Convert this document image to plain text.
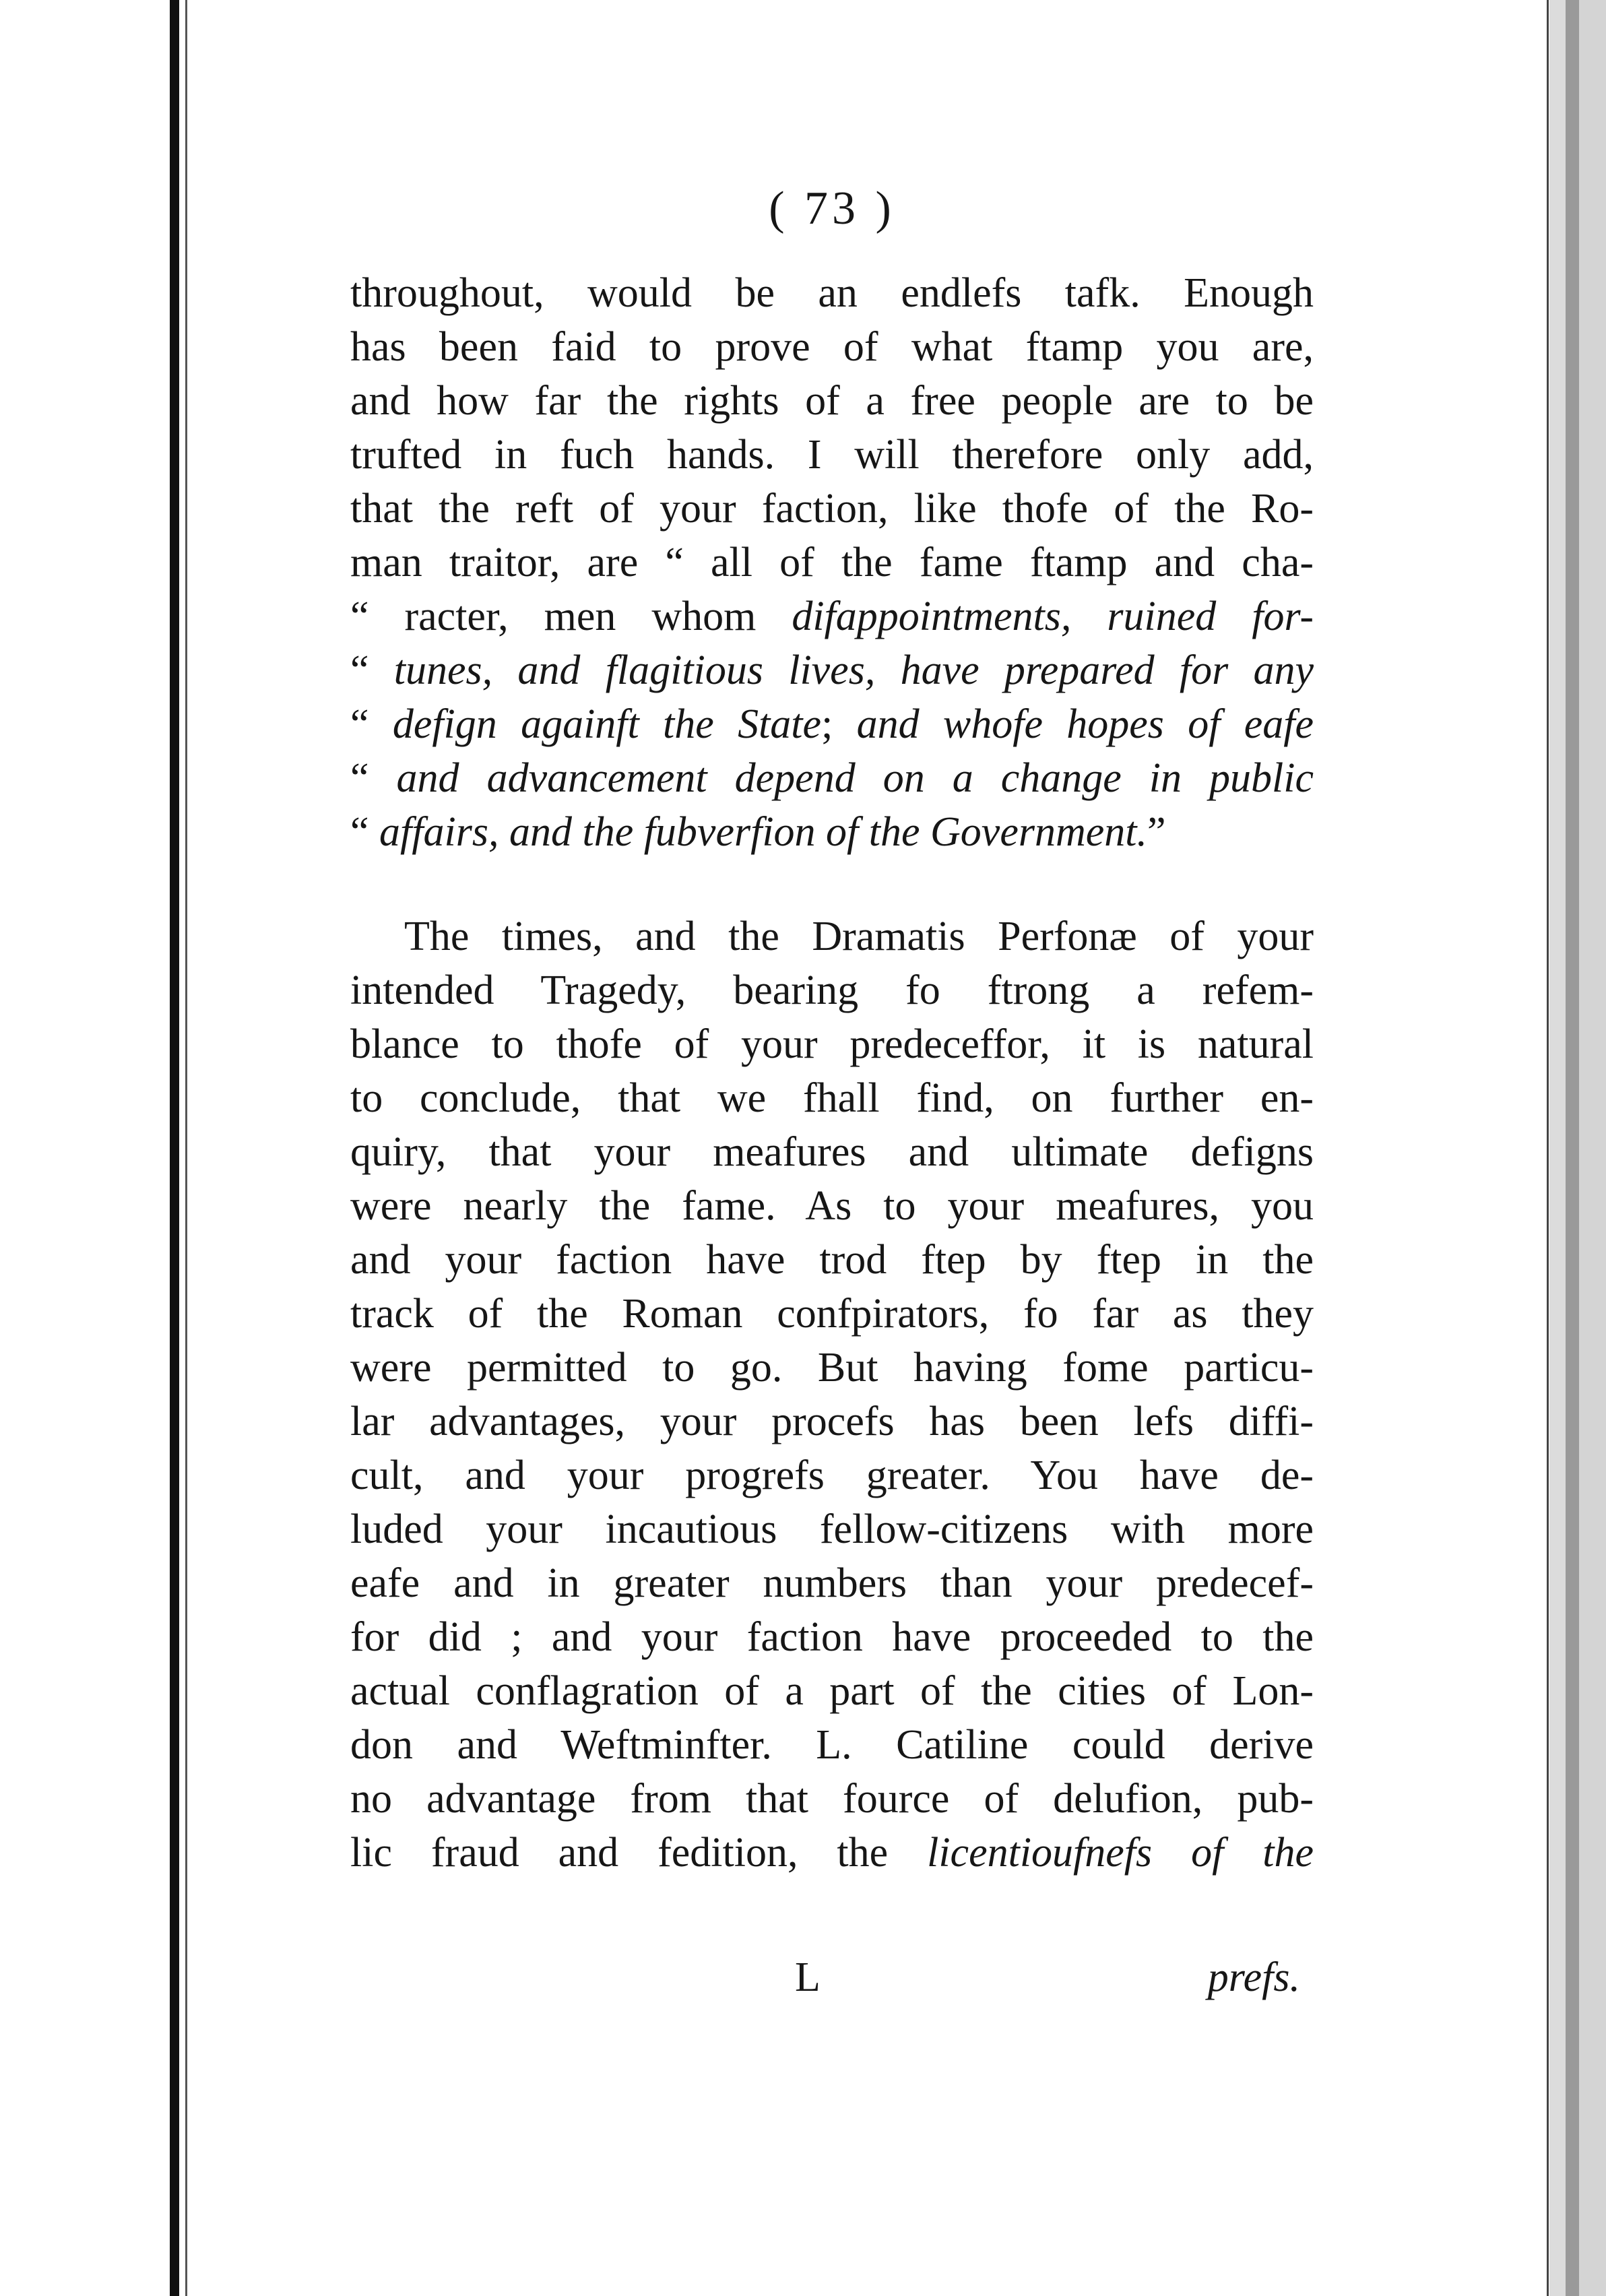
( 73 )
throughout, would be an endlefs tafk. Enough
has been faid to prove of what ftamp you are,
and how far the rights of a free people are to be
trufted in fuch hands. I will therefore only add,
that the reft of your faction, like thofe of the Ro-
man traitor, are “ all of the fame ftamp and cha-
“ racter, men whom difappointments, ruined for-
“ tunes, and flagitious lives, have prepared for any
“ defign againft the State; and whofe hopes of eafe
“ and advancement depend on a change in public
“ affairs, and the fubverfion of the Government.”
The times, and the Dramatis Perfonæ of your
intended Tragedy, bearing fo ftrong a refem-
blance to thofe of your predeceffor, it is natural
to conclude, that we fhall find, on further en-
quiry, that your meafures and ultimate defigns
were nearly the fame. As to your meafures, you
and your faction have trod ftep by ftep in the
track of the Roman confpirators, fo far as they
were permitted to go. But having fome particu-
lar advantages, your procefs has been lefs diffi-
cult, and your progrefs greater. You have de-
luded your incautious fellow-citizens with more
eafe and in greater numbers than your predecef-
for did ; and your faction have proceeded to the
actual conflagration of a part of the cities of Lon-
don and Weftminfter. L. Catiline could derive
no advantage from that fource of delufion, pub-
lic fraud and fedition, the licentioufnefs of the
L	prefs.
